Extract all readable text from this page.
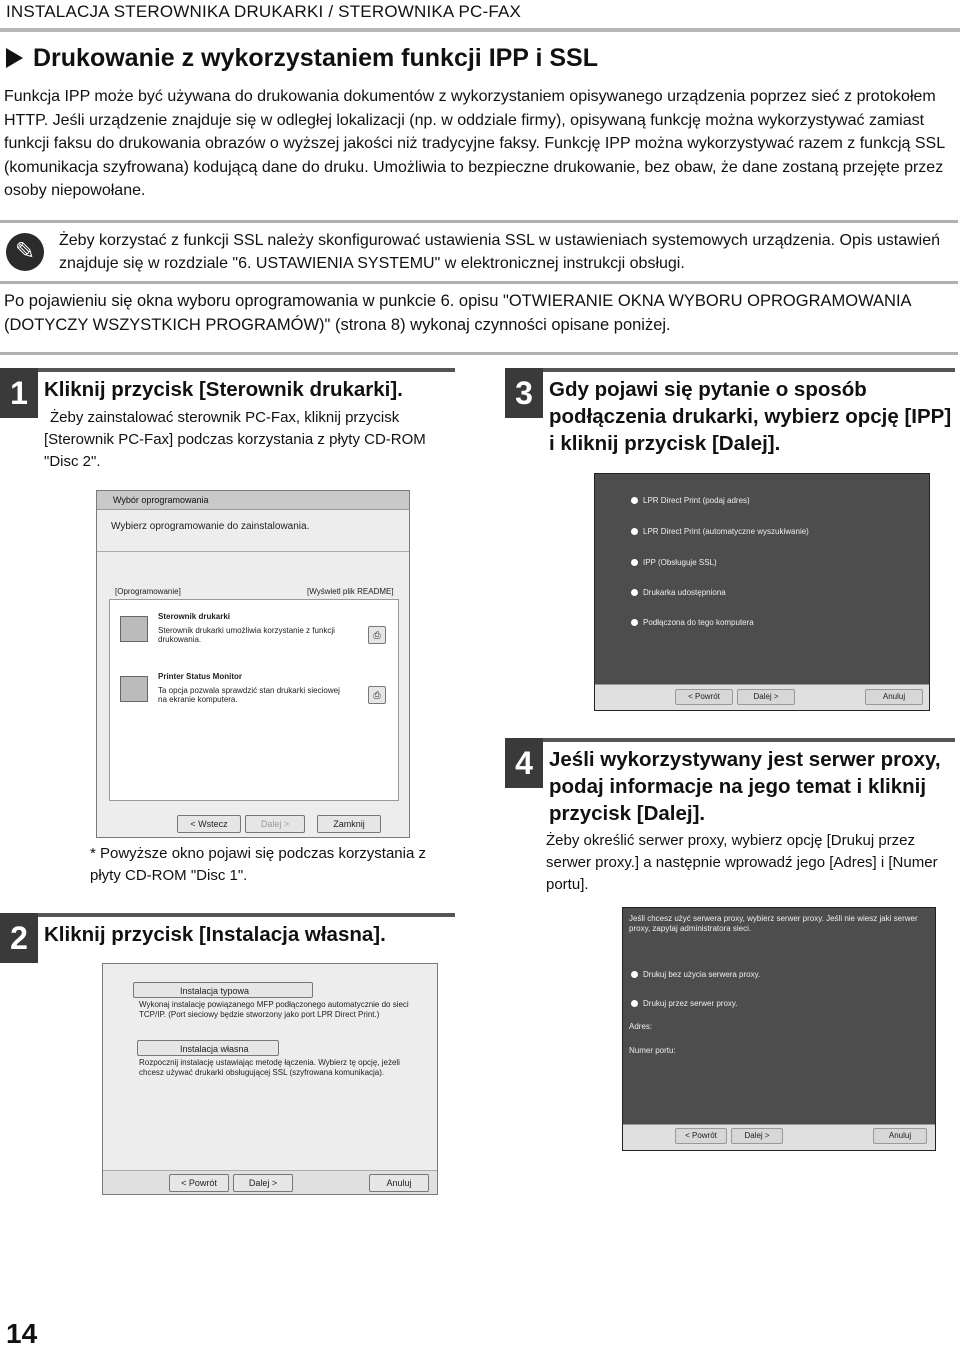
INSTALACJA STEROWNIKA DRUKARKI / STEROWNIKA PC-FAX
Drukowanie z wykorzystaniem funkcji IPP i SSL
Funkcja IPP może być używana do drukowania dokumentów z wykorzystaniem opisywanego urządzenia poprzez sieć z protokołem HTTP. Jeśli urządzenie znajduje się w odległej lokalizacji (np. w oddziale firmy), opisywaną funkcję można wykorzystywać zamiast funkcji faksu do drukowania obrazów o wyższej jakości niż tradycyjne faksy. Funkcję IPP można wykorzystywać razem z funkcją SSL (komunikacja szyfrowana) kodującą dane do druku. Umożliwia to bezpieczne drukowanie, bez obaw, że dane zostaną przejęte przez osoby niepowołane.
✎	Żeby korzystać z funkcji SSL należy skonfigurować ustawienia SSL w ustawieniach systemowych urządzenia. Opis ustawień znajduje się w rozdziale "6. USTAWIENIA SYSTEMU" w elektronicznej instrukcji obsługi.
Po pojawieniu się okna wyboru oprogramowania w punkcie 6. opisu "OTWIERANIE OKNA WYBORU OPROGRAMOWANIA (DOTYCZY WSZYSTKICH PROGRAMÓW)" (strona 8) wykonaj czynności opisane poniżej.
1 Kliknij przycisk [Sterownik drukarki].
Żeby zainstalować sterownik PC-Fax, kliknij przycisk [Sterownik PC-Fax] podczas korzystania z płyty CD-ROM "Disc 2".
Wybór oprogramowania
Wybierz oprogramowanie do zainstalowania.
[Oprogramowanie]	[Wyświetl plik README]
Sterownik drukarki
Sterownik drukarki umożliwia korzystanie z funkcji drukowania.	⎙
Printer Status Monitor
Ta opcja pozwala sprawdzić stan drukarki sieciowej na ekranie komputera.	⎙
< Wstecz	Dalej >	Zamknij
* Powyższe okno pojawi się podczas korzystania z płyty CD-ROM "Disc 1".
2 Kliknij przycisk [Instalacja własna].
Instalacja typowa
Wykonaj instalację powiązanego MFP podłączonego automatycznie do sieci TCP/IP. (Port sieciowy będzie stworzony jako port LPR Direct Print.)
Instalacja własna
Rozpocznij instalację ustawiając metodę łączenia. Wybierz tę opcję, jeżeli chcesz używać drukarki obsługującej SSL (szyfrowana komunikacja).
< Powrót	Dalej >	Anuluj
3 Gdy pojawi się pytanie o sposób podłączenia drukarki, wybierz opcję [IPP] i kliknij przycisk [Dalej].
LPR Direct Print (podaj adres)
LPR Direct Print (automatyczne wyszukiwanie)
IPP (Obsługuje SSL)
Drukarka udostępniona
Podłączona do tego komputera
< Powrót	Dalej >	Anuluj
4 Jeśli wykorzystywany jest serwer proxy, podaj informacje na jego temat i kliknij przycisk [Dalej].
Żeby określić serwer proxy, wybierz opcję [Drukuj przez serwer proxy.] a następnie wprowadź jego [Adres] i [Numer portu].
Jeśli chcesz użyć serwera proxy, wybierz serwer proxy. Jeśli nie wiesz jaki serwer proxy, zapytaj administratora sieci.
Drukuj bez użycia serwera proxy.
Drukuj przez serwer proxy.
Adres:
Numer portu:
< Powrót	Dalej >	Anuluj
14
